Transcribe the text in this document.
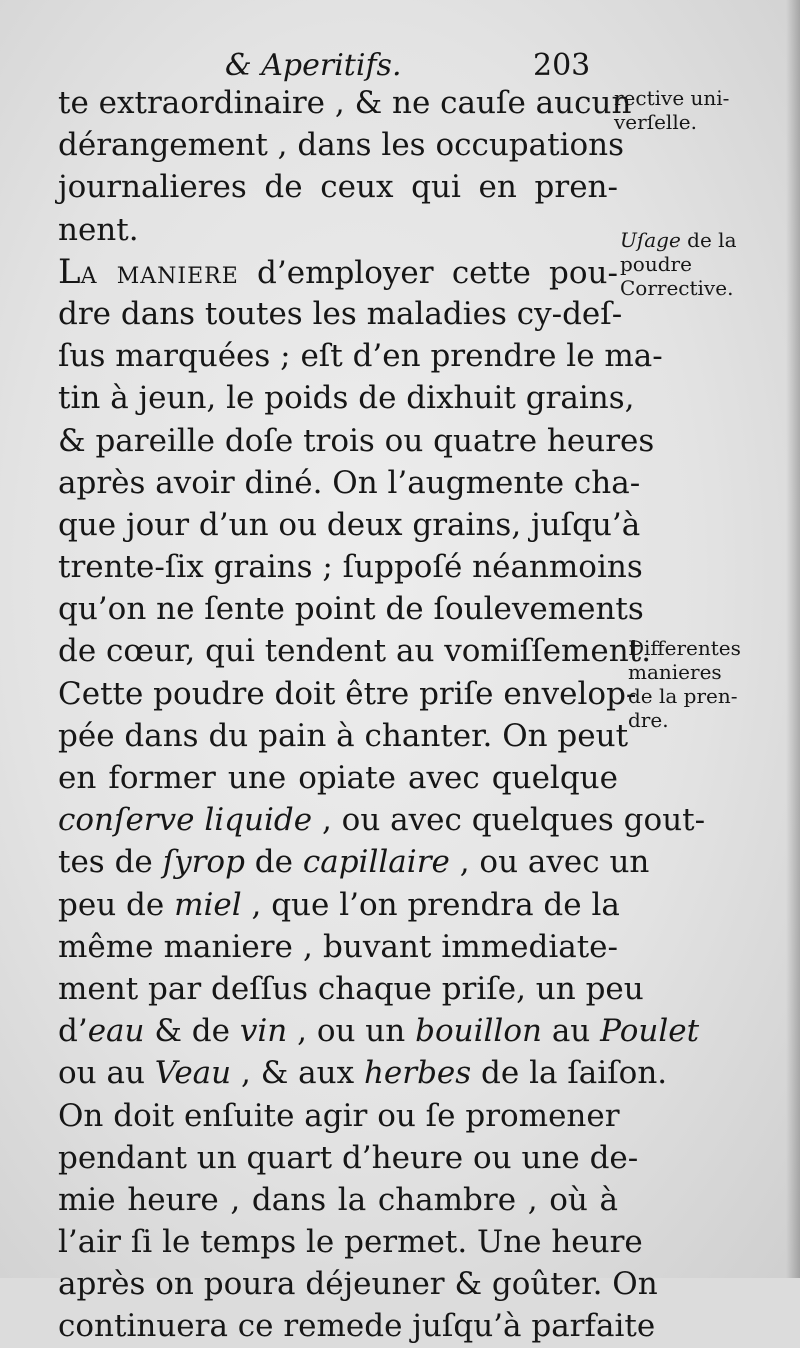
& Aperitifs.	203
te extraordinaire , & ne cauſe aucun
dérangement , dans les occupations
journalieres de ceux qui en pren-
nent.
La maniere d’employer cette pou-
dre dans toutes les maladies cy-deſ-
ſus marquées ; eſt d’en prendre le ma-
tin à jeun, le poids de dixhuit grains,
& pareille doſe trois ou quatre heures
après avoir diné. On l’augmente cha-
que jour d’un ou deux grains, juſqu’à
trente-ſix grains ; ſuppoſé néanmoins
qu’on ne ſente point de ſoulevements
de cœur, qui tendent au vomiſſement.
Cette poudre doit être priſe envelop-
pée dans du pain à chanter. On peut
en former une opiate avec quelque
conſerve liquide , ou avec quelques gout-
tes de ſyrop de capillaire , ou avec un
peu de miel , que l’on prendra de la
même maniere , buvant immediate-
ment par deſſus chaque priſe, un peu
d’eau & de vin , ou un bouillon au Poulet
ou au Veau , & aux herbes de la ſaiſon.
On doit enſuite agir ou ſe promener
pendant un quart d’heure ou une de-
mie heure , dans la chambre , où à
l’air ſi le temps le permet. Une heure
après on poura déjeuner & goûter. On
continuera ce remede juſqu’à parfaite
rective uni-
verſelle.
Uſage de la
poudre
Corrective.
Differentes
manieres
de la pren-
dre.
